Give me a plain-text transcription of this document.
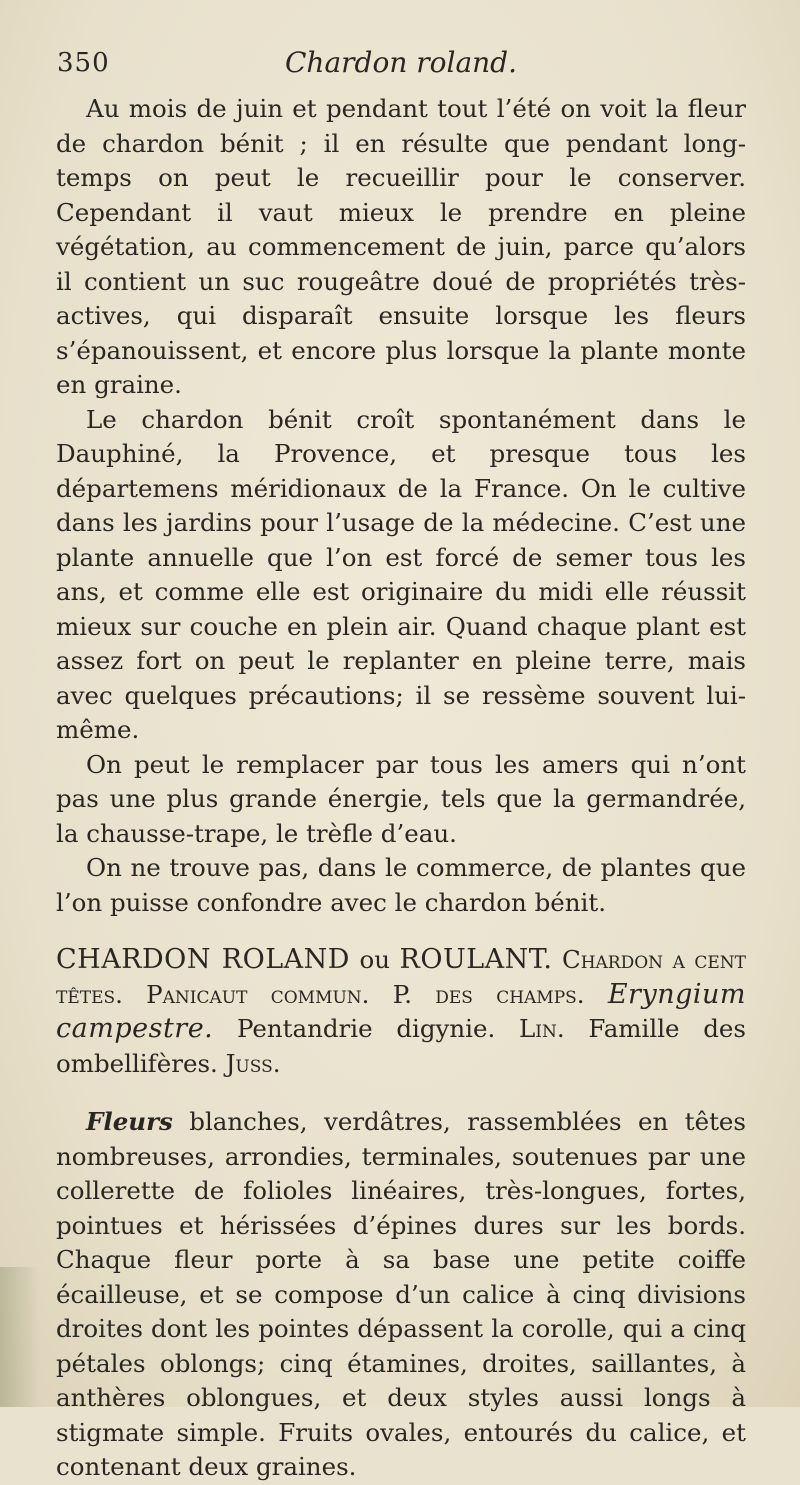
350	Chardon roland.

Au mois de juin et pendant tout l’été on voit la fleur de chardon bénit ; il en résulte que pendant long-temps on peut le recueillir pour le conserver. Cependant il vaut mieux le prendre en pleine végétation, au commencement de juin, parce qu’alors il contient un suc rougeâtre doué de propriétés très-actives, qui disparaît ensuite lorsque les fleurs s’épanouissent, et encore plus lorsque la plante monte en graine.

Le chardon bénit croît spontanément dans le Dauphiné, la Provence, et presque tous les départemens méridionaux de la France. On le cultive dans les jardins pour l’usage de la médecine. C’est une plante annuelle que l’on est forcé de semer tous les ans, et comme elle est originaire du midi elle réussit mieux sur couche en plein air. Quand chaque plant est assez fort on peut le replanter en pleine terre, mais avec quelques précautions; il se ressème souvent lui-même.

On peut le remplacer par tous les amers qui n’ont pas une plus grande énergie, tels que la germandrée, la chausse-trape, le trèfle d’eau.

On ne trouve pas, dans le commerce, de plantes que l’on puisse confondre avec le chardon bénit.

CHARDON ROLAND ou ROULANT. Chardon a cent têtes. Panicaut commun. P. des champs. Eryngium campestre. Pentandrie digynie. Lin. Famille des ombellifères. Juss.

Fleurs blanches, verdâtres, rassemblées en têtes nombreuses, arrondies, terminales, soutenues par une collerette de folioles linéaires, très-longues, fortes, pointues et hérissées d’épines dures sur les bords. Chaque fleur porte à sa base une petite coiffe écailleuse, et se compose d’un calice à cinq divisions droites dont les pointes dépassent la corolle, qui a cinq pétales oblongs; cinq étamines, droites, saillantes, à anthères oblongues, et deux styles aussi longs à stigmate simple. Fruits ovales, entourés du calice, et contenant deux graines.
